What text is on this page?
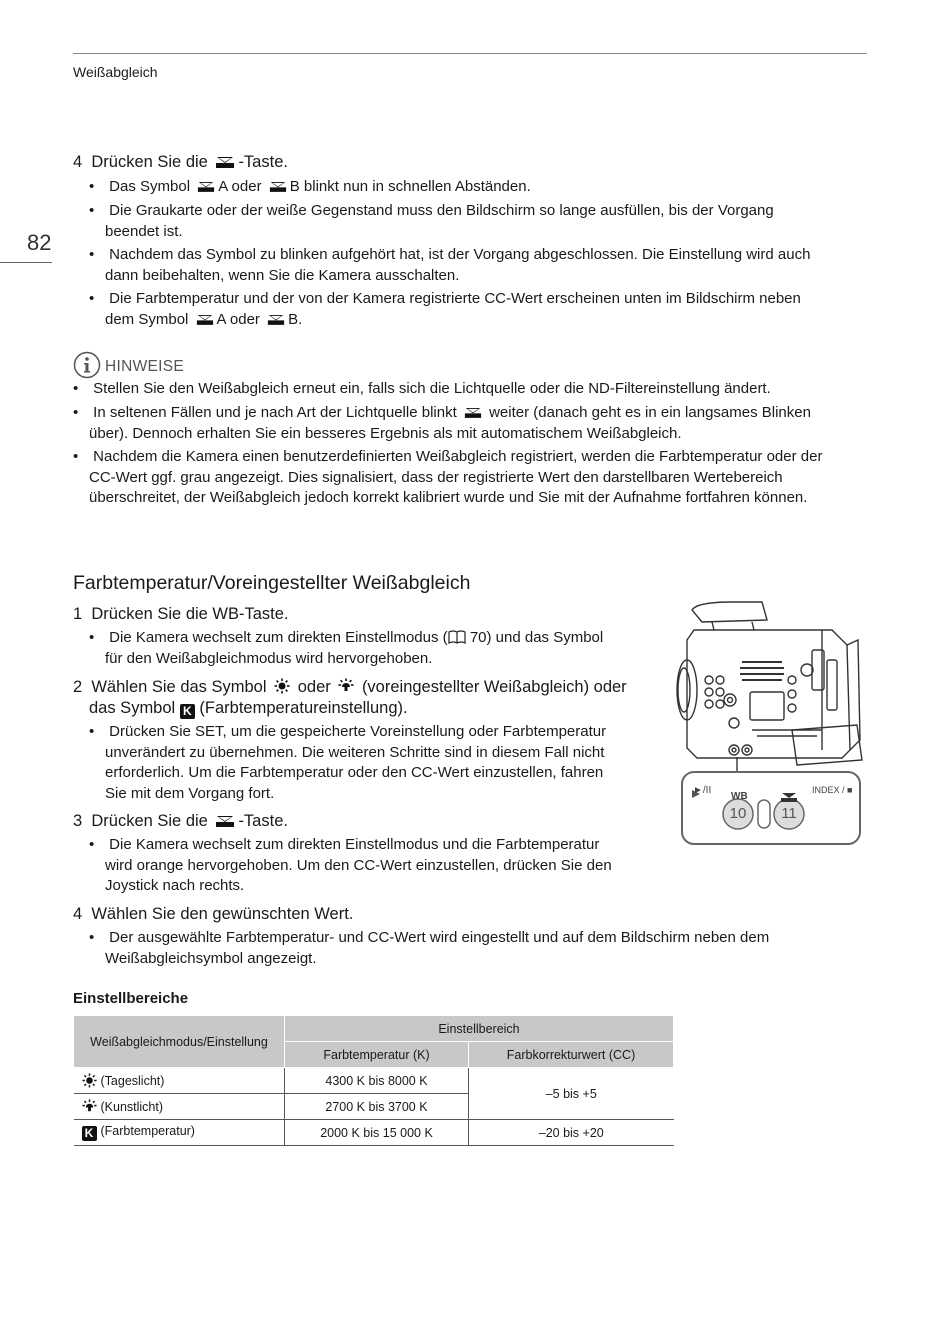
Weißabgleich
82
4 Drücken Sie die -Taste.
• Das Symbol A oder B blinkt nun in schnellen Abständen.
• Die Graukarte oder der weiße Gegenstand muss den Bildschirm so lange ausfüllen, bis der Vorgang
beendet ist.
• Nachdem das Symbol zu blinken aufgehört hat, ist der Vorgang abgeschlossen. Die Einstellung wird auch
dann beibehalten, wenn Sie die Kamera ausschalten.
• Die Farbtemperatur und der von der Kamera registrierte CC-Wert erscheinen unten im Bildschirm neben
dem Symbol A oder B.
HINWEISE
• Stellen Sie den Weißabgleich erneut ein, falls sich die Lichtquelle oder die ND-Filtereinstellung ändert.
• In seltenen Fällen und je nach Art der Lichtquelle blinkt weiter (danach geht es in ein langsames Blinken
über). Dennoch erhalten Sie ein besseres Ergebnis als mit automatischem Weißabgleich.
• Nachdem die Kamera einen benutzerdefinierten Weißabgleich registriert, werden die Farbtemperatur oder der
CC-Wert ggf. grau angezeigt. Dies signalisiert, dass der registrierte Wert den darstellbaren Wertebereich
überschreitet, der Weißabgleich jedoch korrekt kalibriert wurde und Sie mit der Aufnahme fortfahren können.
Farbtemperatur/Voreingestellter Weißabgleich
1 Drücken Sie die WB-Taste.
• Die Kamera wechselt zum direkten Einstellmodus ( 70) und das Symbol
für den Weißabgleichmodus wird hervorgehoben.
2 Wählen Sie das Symbol oder (voreingestellter Weißabgleich) oder
das Symbol K (Farbtemperatureinstellung).
• Drücken Sie SET, um die gespeicherte Voreinstellung oder Farbtemperatur
unverändert zu übernehmen. Die weiteren Schritte sind in diesem Fall nicht
erforderlich. Um die Farbtemperatur oder den CC-Wert einzustellen, fahren
Sie mit dem Vorgang fort.
3 Drücken Sie die -Taste.
• Die Kamera wechselt zum direkten Einstellmodus und die Farbtemperatur
wird orange hervorgehoben. Um den CC-Wert einzustellen, drücken Sie den
Joystick nach rechts.
4 Wählen Sie den gewünschten Wert.
• Der ausgewählte Farbtemperatur- und CC-Wert wird eingestellt und auf dem Bildschirm neben dem
Weißabgleichsymbol angezeigt.
►/II
WB
INDEX / ■
10 11
Einstellbereiche
Weißabgleichmodus/Einstellung	Einstellbereich	
	Farbtemperatur (K)	Farbkorrekturwert (CC)
(Tageslicht)	4300 K bis 8000 K	–5 bis +5
(Kunstlicht)	2700 K bis 3700 K	
K (Farbtemperatur)	2000 K bis 15 000 K	–20 bis +20
